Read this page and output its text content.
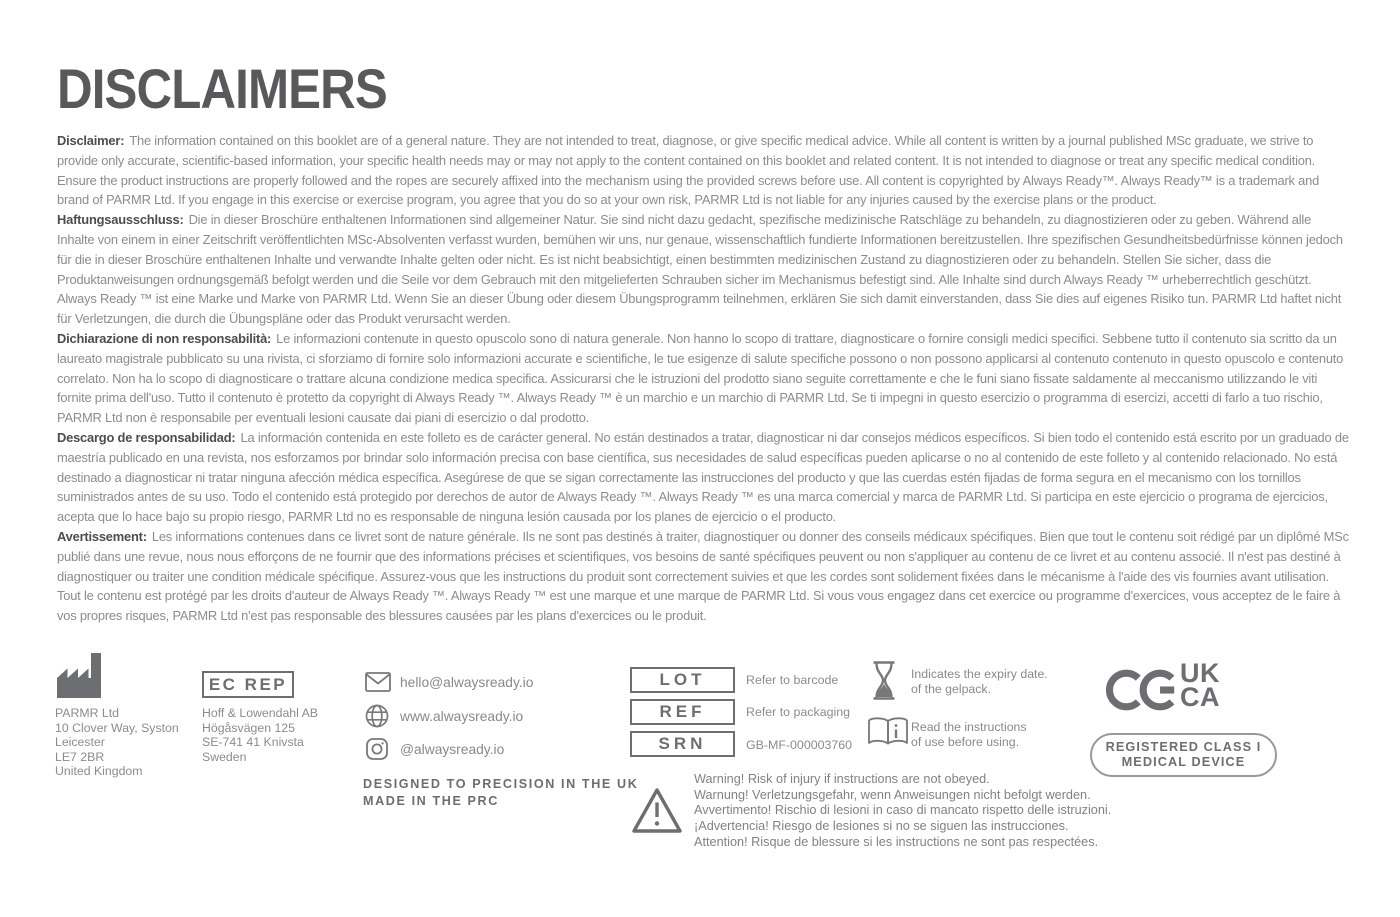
DISCLAIMERS

Disclaimer: The information contained on this booklet are of a general nature. They are not intended to treat, diagnose, or give specific medical advice. While all content is written by a journal published MSc graduate, we strive to provide only accurate, scientific-based information, your specific health needs may or may not apply to the content contained on this booklet and related content. It is not intended to diagnose or treat any specific medical condition. Ensure the product instructions are properly followed and the ropes are securely affixed into the mechanism using the provided screws before use. All content is copyrighted by Always Ready™. Always Ready™ is a trademark and brand of PARMR Ltd. If you engage in this exercise or exercise program, you agree that you do so at your own risk, PARMR Ltd is not liable for any injuries caused by the exercise plans or the product.

Haftungsausschluss: Die in dieser Broschüre enthaltenen Informationen sind allgemeiner Natur. Sie sind nicht dazu gedacht, spezifische medizinische Ratschläge zu behandeln, zu diagnostizieren oder zu geben. Während alle Inhalte von einem in einer Zeitschrift veröffentlichten MSc-Absolventen verfasst wurden, bemühen wir uns, nur genaue, wissenschaftlich fundierte Informationen bereitzustellen. Ihre spezifischen Gesundheitsbedürfnisse können jedoch für die in dieser Broschüre enthaltenen Inhalte und verwandte Inhalte gelten oder nicht. Es ist nicht beabsichtigt, einen bestimmten medizinischen Zustand zu diagnostizieren oder zu behandeln. Stellen Sie sicher, dass die Produktanweisungen ordnungsgemäß befolgt werden und die Seile vor dem Gebrauch mit den mitgelieferten Schrauben sicher im Mechanismus befestigt sind. Alle Inhalte sind durch Always Ready ™ urheberrechtlich geschützt. Always Ready ™ ist eine Marke und Marke von PARMR Ltd. Wenn Sie an dieser Übung oder diesem Übungsprogramm teilnehmen, erklären Sie sich damit einverstanden, dass Sie dies auf eigenes Risiko tun. PARMR Ltd haftet nicht für Verletzungen, die durch die Übungspläne oder das Produkt verursacht werden.

Dichiarazione di non responsabilità: Le informazioni contenute in questo opuscolo sono di natura generale. Non hanno lo scopo di trattare, diagnosticare o fornire consigli medici specifici. Sebbene tutto il contenuto sia scritto da un laureato magistrale pubblicato su una rivista, ci sforziamo di fornire solo informazioni accurate e scientifiche, le tue esigenze di salute specifiche possono o non possono applicarsi al contenuto contenuto in questo opuscolo e contenuto correlato. Non ha lo scopo di diagnosticare o trattare alcuna condizione medica specifica. Assicurarsi che le istruzioni del prodotto siano seguite correttamente e che le funi siano fissate saldamente al meccanismo utilizzando le viti fornite prima dell'uso. Tutto il contenuto è protetto da copyright di Always Ready ™. Always Ready ™ è un marchio e un marchio di PARMR Ltd. Se ti impegni in questo esercizio o programma di esercizi, accetti di farlo a tuo rischio, PARMR Ltd non è responsabile per eventuali lesioni causate dai piani di esercizio o dal prodotto.

Descargo de responsabilidad: La información contenida en este folleto es de carácter general. No están destinados a tratar, diagnosticar ni dar consejos médicos específicos. Si bien todo el contenido está escrito por un graduado de maestría publicado en una revista, nos esforzamos por brindar solo información precisa con base científica, sus necesidades de salud específicas pueden aplicarse o no al contenido de este folleto y al contenido relacionado. No está destinado a diagnosticar ni tratar ninguna afección médica específica. Asegúrese de que se sigan correctamente las instrucciones del producto y que las cuerdas estén fijadas de forma segura en el mecanismo con los tornillos suministrados antes de su uso. Todo el contenido está protegido por derechos de autor de Always Ready ™. Always Ready ™ es una marca comercial y marca de PARMR Ltd. Si participa en este ejercicio o programa de ejercicios, acepta que lo hace bajo su propio riesgo, PARMR Ltd no es responsable de ninguna lesión causada por los planes de ejercicio o el producto.

Avertissement: Les informations contenues dans ce livret sont de nature générale. Ils ne sont pas destinés à traiter, diagnostiquer ou donner des conseils médicaux spécifiques. Bien que tout le contenu soit rédigé par un diplômé MSc publié dans une revue, nous nous efforçons de ne fournir que des informations précises et scientifiques, vos besoins de santé spécifiques peuvent ou non s'appliquer au contenu de ce livret et au contenu associé. Il n'est pas destiné à diagnostiquer ou traiter une condition médicale spécifique. Assurez-vous que les instructions du produit sont correctement suivies et que les cordes sont solidement fixées dans le mécanisme à l'aide des vis fournies avant utilisation. Tout le contenu est protégé par les droits d'auteur de Always Ready ™. Always Ready ™ est une marque et une marque de PARMR Ltd. Si vous vous engagez dans cet exercice ou programme d'exercices, vous acceptez de le faire à vos propres risques, PARMR Ltd n'est pas responsable des blessures causées par les plans d'exercices ou le produit.

PARMR Ltd
10 Clover Way, Syston
Leicester
LE7 2BR
United Kingdom
EC REP
Hoff & Lowendahl AB
Högåsvägen 125
SE-741 41 Knivsta
Sweden
hello@alwaysready.io
www.alwaysready.io
@alwaysready.io
DESIGNED TO PRECISION IN THE UK
MADE IN THE PRC
LOT	Refer to barcode
REF	Refer to packaging
SRN	GB-MF-000003760
Indicates the expiry date.
of the gelpack.
Read the instructions
of use before using.
Warning! Risk of injury if instructions are not obeyed.
Warnung! Verletzungsgefahr, wenn Anweisungen nicht befolgt werden.
Avvertimento! Rischio di lesioni in caso di mancato rispetto delle istruzioni.
¡Advertencia! Riesgo de lesiones si no se siguen las instrucciones.
Attention! Risque de blessure si les instructions ne sont pas respectées.
UK
CA
REGISTERED CLASS I
MEDICAL DEVICE
